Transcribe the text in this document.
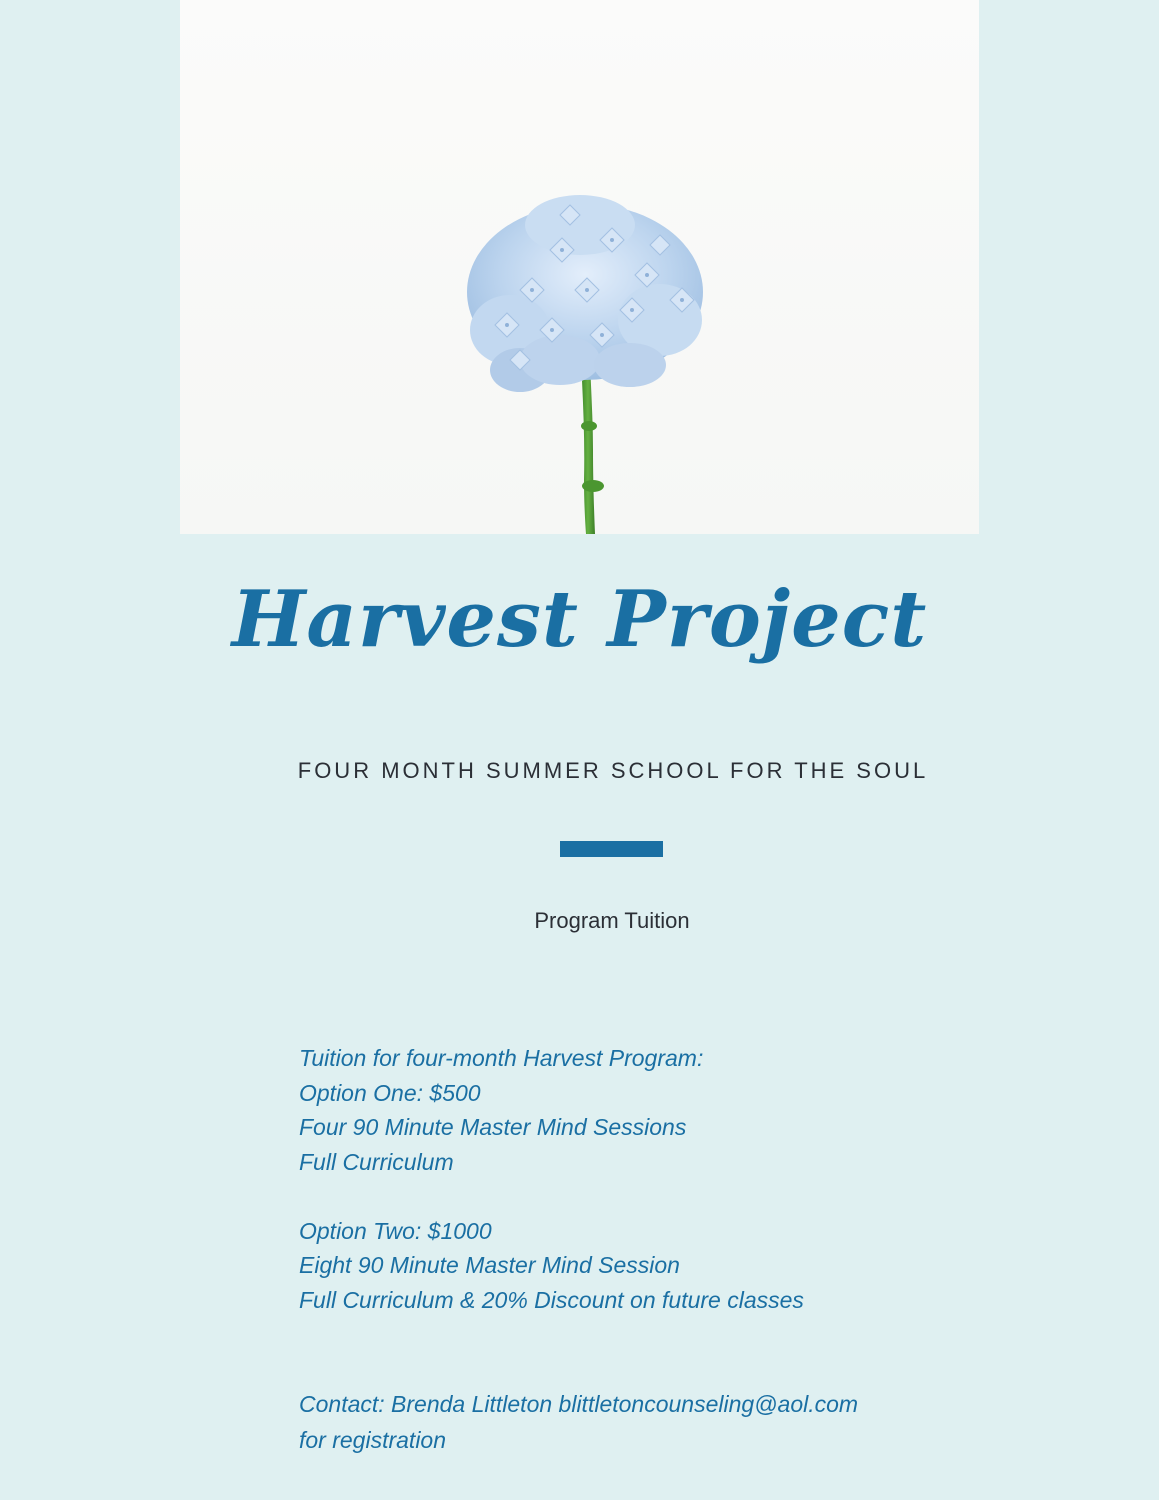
Harvest Project

FOUR MONTH SUMMER SCHOOL FOR THE SOUL

Program Tuition

Tuition for four-month Harvest Program:
Option One: $500
Four 90 Minute Master Mind Sessions
Full Curriculum
Option Two: $1000
Eight 90 Minute Master Mind Session
Full Curriculum & 20% Discount on future classes
Contact: Brenda Littleton blittletoncounseling@aol.com
for registration
